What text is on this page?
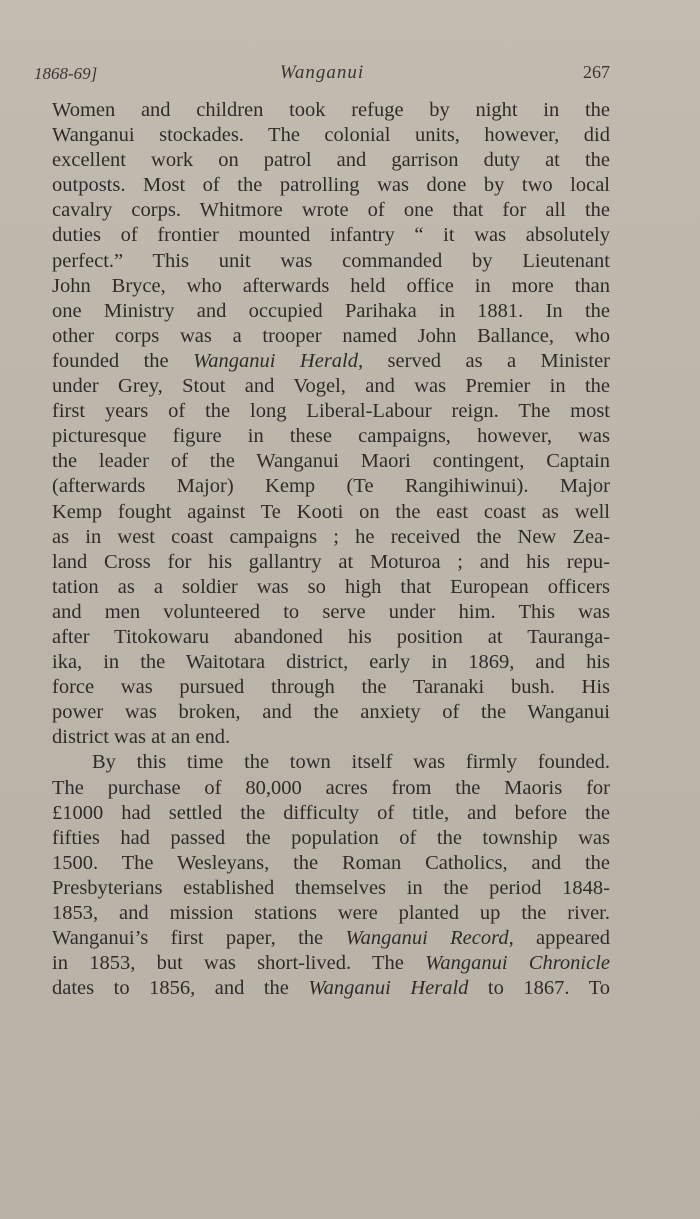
1868-69]	Wanganui	267
Women and children took refuge by night in the
Wanganui stockades. The colonial units, however, did
excellent work on patrol and garrison duty at the
outposts. Most of the patrolling was done by two local
cavalry corps. Whitmore wrote of one that for all the
duties of frontier mounted infantry “ it was absolutely
perfect.” This unit was commanded by Lieutenant
John Bryce, who afterwards held office in more than
one Ministry and occupied Parihaka in 1881. In the
other corps was a trooper named John Ballance, who
founded the Wanganui Herald, served as a Minister
under Grey, Stout and Vogel, and was Premier in the
first years of the long Liberal-Labour reign. The most
picturesque figure in these campaigns, however, was
the leader of the Wanganui Maori contingent, Captain
(afterwards Major) Kemp (Te Rangihiwinui). Major
Kemp fought against Te Kooti on the east coast as well
as in west coast campaigns ; he received the New Zea-
land Cross for his gallantry at Moturoa ; and his repu-
tation as a soldier was so high that European officers
and men volunteered to serve under him. This was
after Titokowaru abandoned his position at Tauranga-
ika, in the Waitotara district, early in 1869, and his
force was pursued through the Taranaki bush. His
power was broken, and the anxiety of the Wanganui
district was at an end.
By this time the town itself was firmly founded.
The purchase of 80,000 acres from the Maoris for
£1000 had settled the difficulty of title, and before the
fifties had passed the population of the township was
1500. The Wesleyans, the Roman Catholics, and the
Presbyterians established themselves in the period 1848-
1853, and mission stations were planted up the river.
Wanganui’s first paper, the Wanganui Record, appeared
in 1853, but was short-lived. The Wanganui Chronicle
dates to 1856, and the Wanganui Herald to 1867. To
